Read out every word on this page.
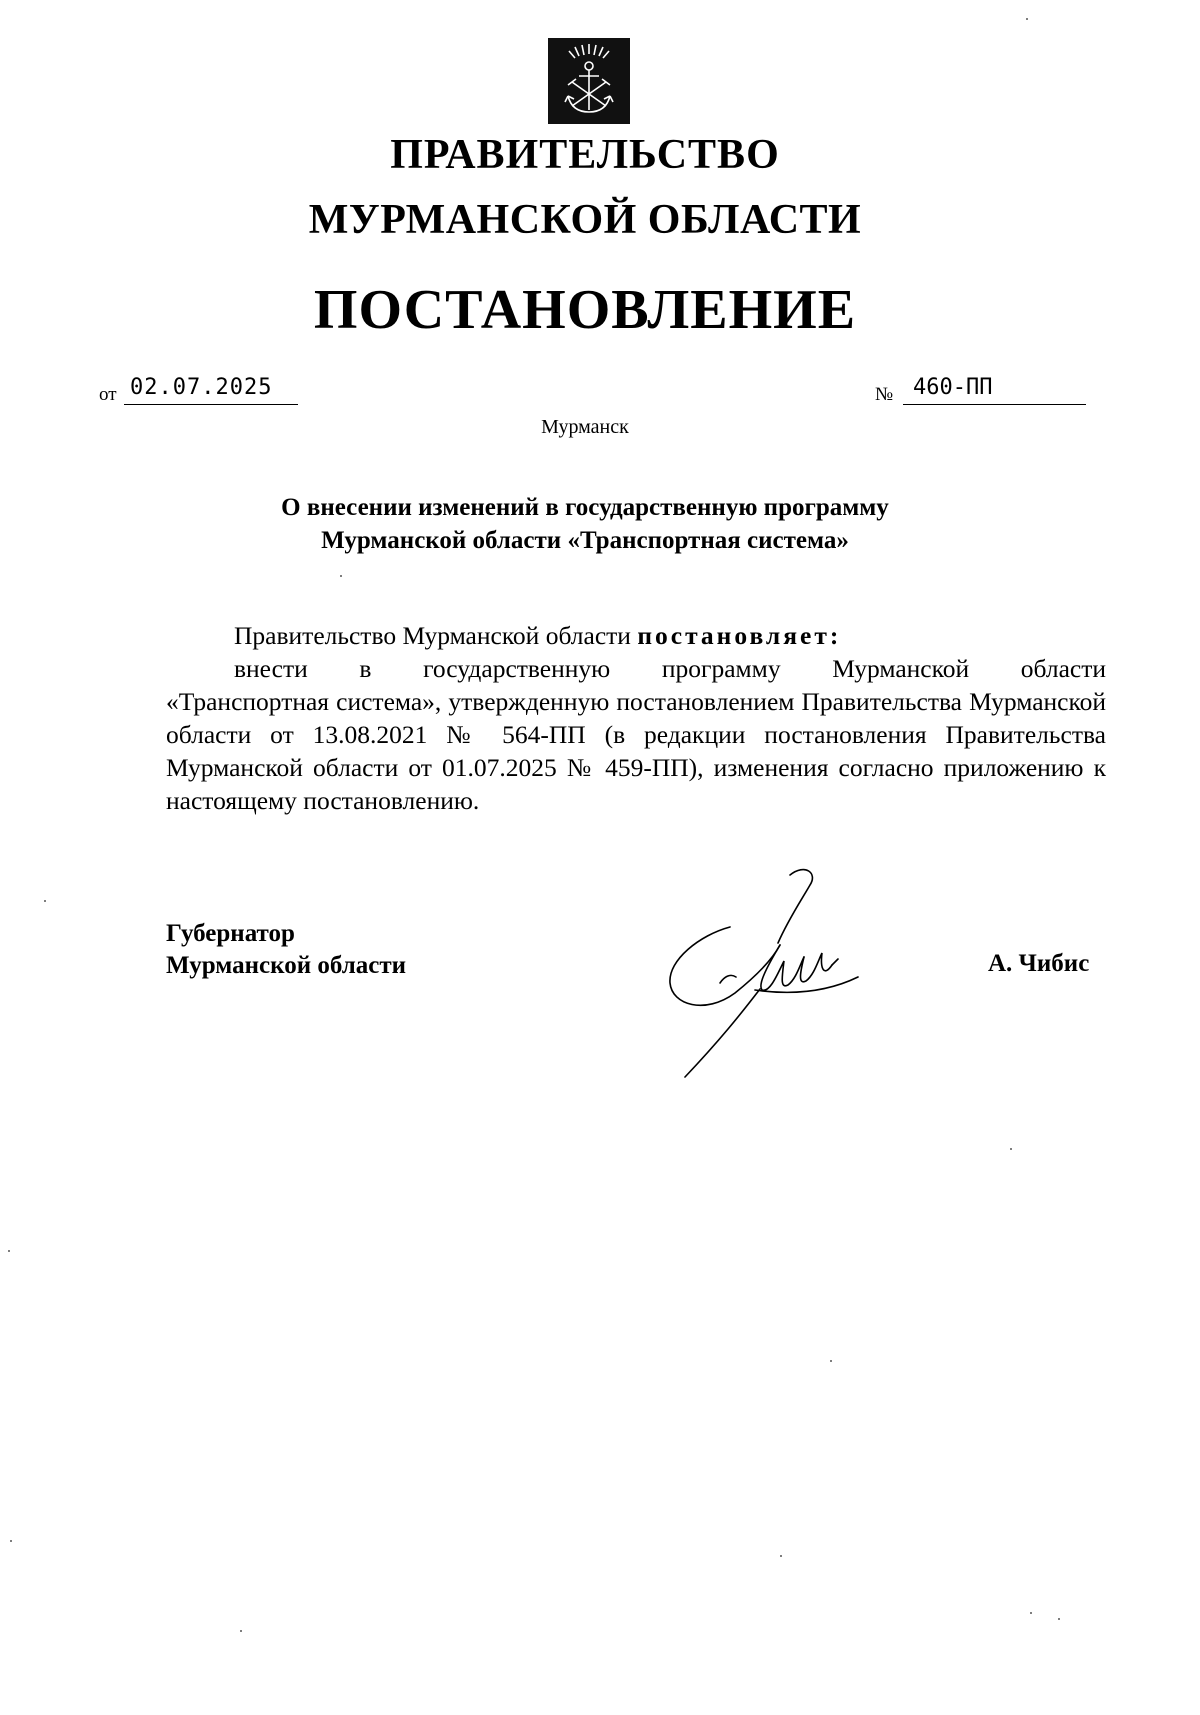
ПРАВИТЕЛЬСТВО
МУРМАНСКОЙ ОБЛАСТИ
ПОСТАНОВЛЕНИЕ
от 02.07.2025	№ 460-ПП
Мурманск
О внесении изменений в государственную программу
Мурманской области «Транспортная система»

Правительство Мурманской области постановляет:

внести в государственную программу Мурманской области

«Транспортная система», утвержденную постановлением Правительства Мурманской области от 13.08.2021 № 564-ПП (в редакции постановления Правительства Мурманской области от 01.07.2025 № 459-ПП), изменения согласно приложению к настоящему постановлению.

Губернатор
Мурманской области	А. Чибис
